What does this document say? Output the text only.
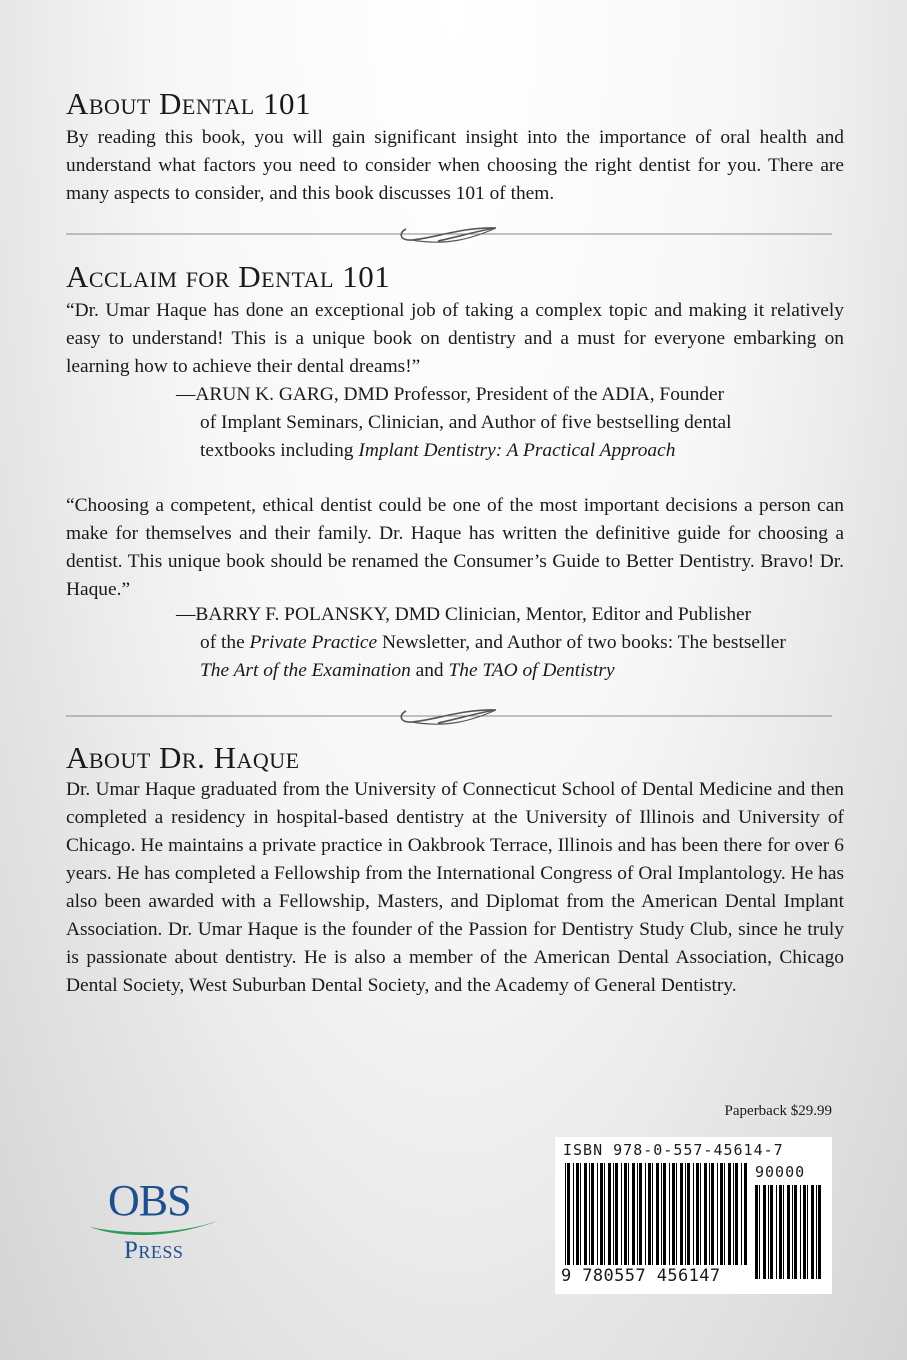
About Dental 101

By reading this book, you will gain significant insight into the importance of oral health and understand what factors you need to consider when choosing the right dentist for you. There are many aspects to consider, and this book discusses 101 of them.

Acclaim for Dental 101

“Dr. Umar Haque has done an exceptional job of taking a complex topic and making it relatively easy to understand! This is a unique book on dentistry and a must for everyone embarking on learning how to achieve their dental dreams!”

—ARUN K. GARG, DMD Professor, President of the ADIA, Founder
of Implant Seminars, Clinician, and Author of five bestselling dental
textbooks including Implant Dentistry: A Practical Approach

“Choosing a competent, ethical dentist could be one of the most important decisions a person can make for themselves and their family. Dr. Haque has written the definitive guide for choosing a dentist. This unique book should be renamed the Consumer’s Guide to Better Dentistry. Bravo! Dr. Haque.”

—BARRY F. POLANSKY, DMD Clinician, Mentor, Editor and Publisher
of the Private Practice Newsletter, and Author of two books: The bestseller
The Art of the Examination and The TAO of Dentistry
About Dr. Haque

Dr. Umar Haque graduated from the University of Connecticut School of Dental Medicine and then completed a residency in hospital-based dentistry at the University of Illinois and University of Chicago. He maintains a private practice in Oakbrook Terrace, Illinois and has been there for over 6 years. He has completed a Fellowship from the International Congress of Oral Implantology. He has also been awarded with a Fellowship, Masters, and Diplomat from the American Dental Implant Association. Dr. Umar Haque is the founder of the Passion for Dentistry Study Club, since he truly is passionate about dentistry. He is also a member of the American Dental Association, Chicago Dental Society, West Suburban Dental Society, and the Academy of General Dentistry.

Paperback $29.99
ISBN 978-0-557-45614-7
90000
9 780557 456147
OBS
Press
